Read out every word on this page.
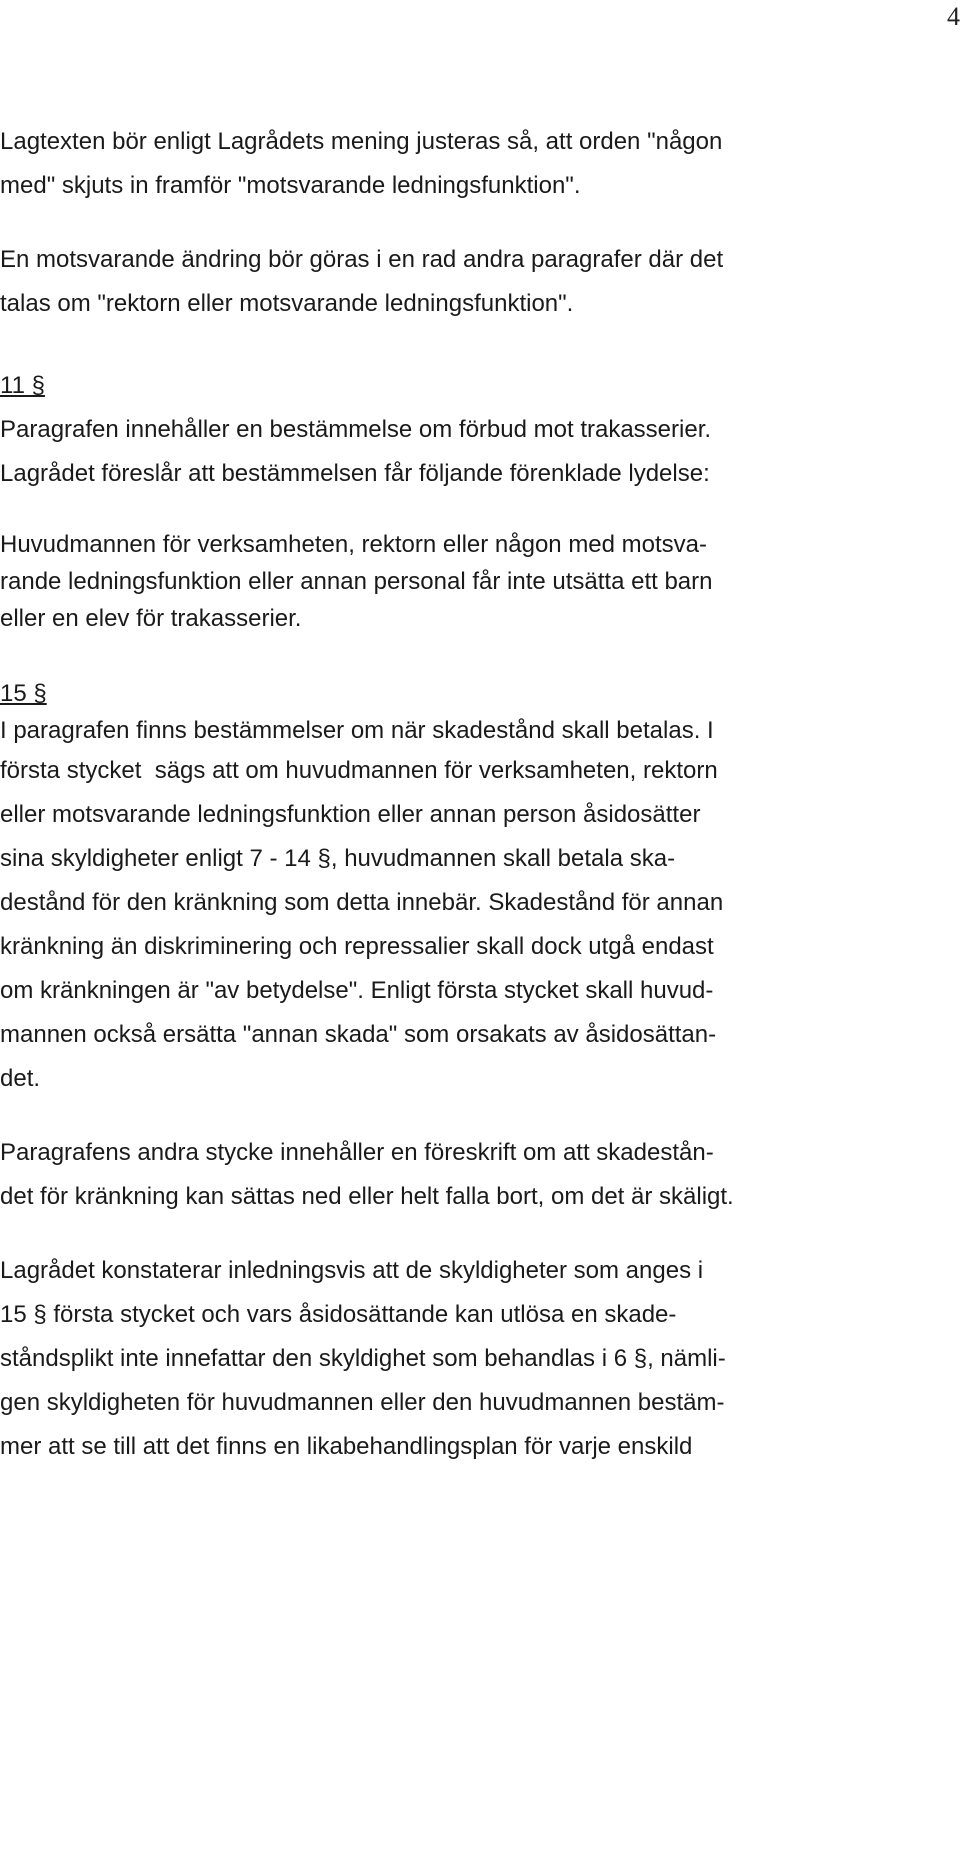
4
Lagtexten bör enligt Lagrådets mening justeras så, att orden "någon
med" skjuts in framför "motsvarande ledningsfunktion".
En motsvarande ändring bör göras i en rad andra paragrafer där det
talas om "rektorn eller motsvarande ledningsfunktion".
11 §
Paragrafen innehåller en bestämmelse om förbud mot trakasserier.
Lagrådet föreslår att bestämmelsen får följande förenklade lydelse:
Huvudmannen för verksamheten, rektorn eller någon med motsva-
rande ledningsfunktion eller annan personal får inte utsätta ett barn
eller en elev för trakasserier.
15 §
I paragrafen finns bestämmelser om när skadestånd skall betalas. I
första stycket  sägs att om huvudmannen för verksamheten, rektorn
eller motsvarande ledningsfunktion eller annan person åsidosätter
sina skyldigheter enligt 7 - 14 §, huvudmannen skall betala ska-
destånd för den kränkning som detta innebär. Skadestånd för annan
kränkning än diskriminering och repressalier skall dock utgå endast
om kränkningen är "av betydelse". Enligt första stycket skall huvud-
mannen också ersätta "annan skada" som orsakats av åsidosättan-
det.
Paragrafens andra stycke innehåller en föreskrift om att skadestån-
det för kränkning kan sättas ned eller helt falla bort, om det är skäligt.
Lagrådet konstaterar inledningsvis att de skyldigheter som anges i
15 § första stycket och vars åsidosättande kan utlösa en skade-
ståndsplikt inte innefattar den skyldighet som behandlas i 6 §, nämli-
gen skyldigheten för huvudmannen eller den huvudmannen bestäm-
mer att se till att det finns en likabehandlingsplan för varje enskild
